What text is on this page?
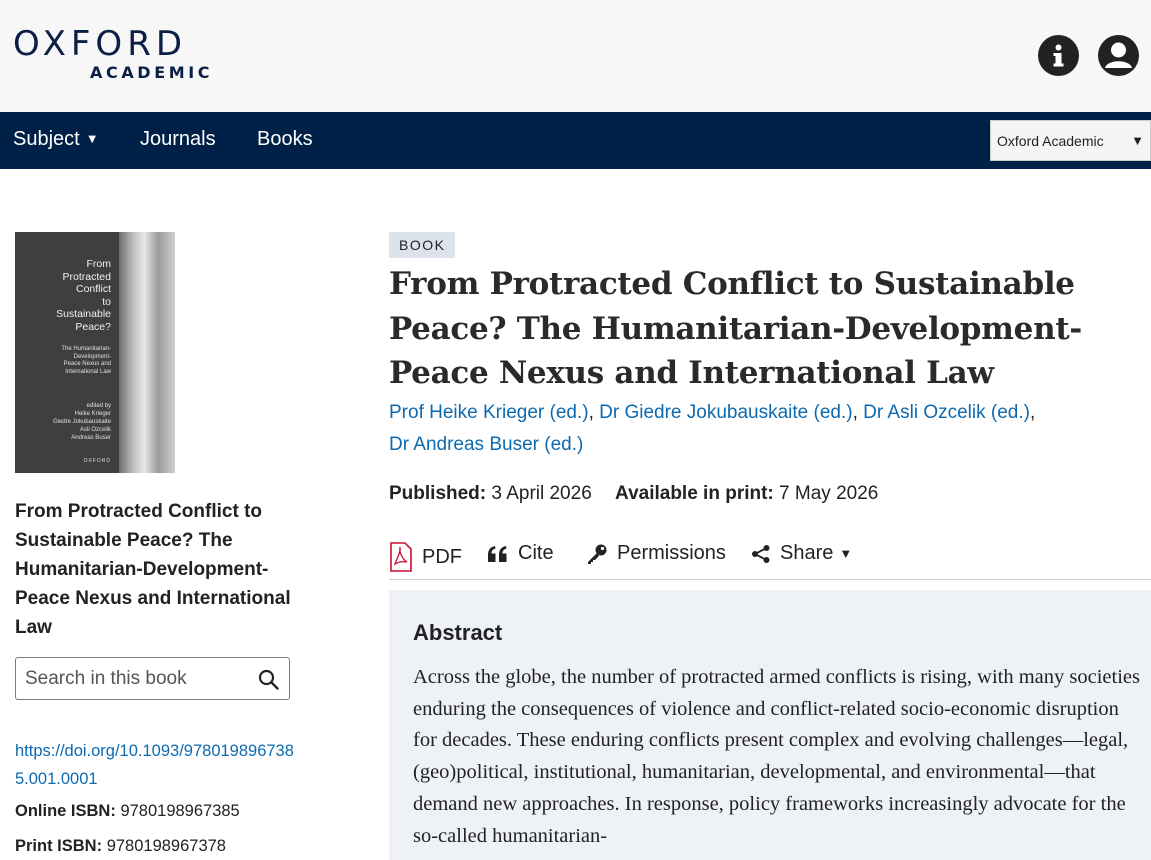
OXFORD
ACADEMIC
Subject ▼ Journals Books	Oxford Academic ▼
From
Protracted
Conflict
to
Sustainable
Peace?
The Humanitarian-
Development-
Peace Nexus and
International Law
edited by
Heike Krieger
Giedre Jokubauskaite
Asli Ozcelik
Andreas Buser
OXFORD
From Protracted Conflict to Sustainable Peace? The Humanitarian-Development-Peace Nexus and International Law
Search in this book
https://doi.org/10.1093/9780198967385.001.0001
Online ISBN: 9780198967385
Print ISBN: 9780198967378
BOOK
From Protracted Conflict to Sustainable Peace? The Humanitarian-Development-Peace Nexus and International Law
Prof Heike Krieger (ed.), Dr Giedre Jokubauskaite (ed.), Dr Asli Ozcelik (ed.),
Dr Andreas Buser (ed.)
Published: 3 April 2026 Available in print: 7 May 2026
PDF	Cite	Permissions	Share ▼
Abstract

Across the globe, the number of protracted armed conflicts is rising, with many societies enduring the consequences of violence and conflict-related socio-economic disruption for decades. These enduring conflicts present complex and evolving challenges—legal, (geo)political, institutional, humanitarian, developmental, and environmental—that demand new approaches. In response, policy frameworks increasingly advocate for the so-called humanitarian-
